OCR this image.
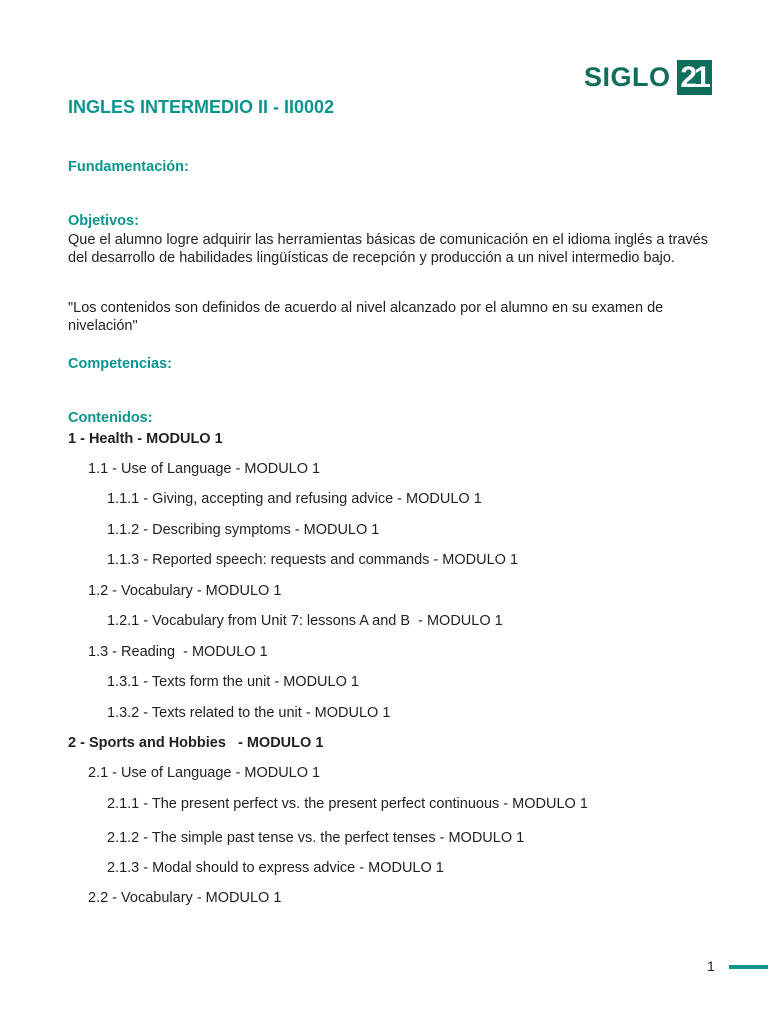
SIGLO 21
INGLES INTERMEDIO II - II0002
Fundamentación:
Objetivos:

Que el alumno logre adquirir las herramientas básicas de comunicación en el idioma inglés a través del desarrollo de habilidades lingüísticas de recepción y producción a un nivel intermedio bajo.

"Los contenidos son definidos de acuerdo al nivel alcanzado por el alumno en su examen de nivelación"

Competencias:
Contenidos:
1 - Health - MODULO 1
1.1 - Use of Language - MODULO 1
1.1.1 - Giving, accepting and refusing advice - MODULO 1
1.1.2 - Describing symptoms - MODULO 1
1.1.3 - Reported speech: requests and commands - MODULO 1
1.2 - Vocabulary - MODULO 1
1.2.1 - Vocabulary from Unit 7: lessons A and B  - MODULO 1
1.3 - Reading  - MODULO 1
1.3.1 - Texts form the unit - MODULO 1
1.3.2 - Texts related to the unit - MODULO 1
2 - Sports and Hobbies   - MODULO 1
2.1 - Use of Language - MODULO 1
2.1.1 - The present perfect vs. the present perfect continuous - MODULO 1
2.1.2 - The simple past tense vs. the perfect tenses - MODULO 1
2.1.3 - Modal should to express advice - MODULO 1
2.2 - Vocabulary - MODULO 1
1
